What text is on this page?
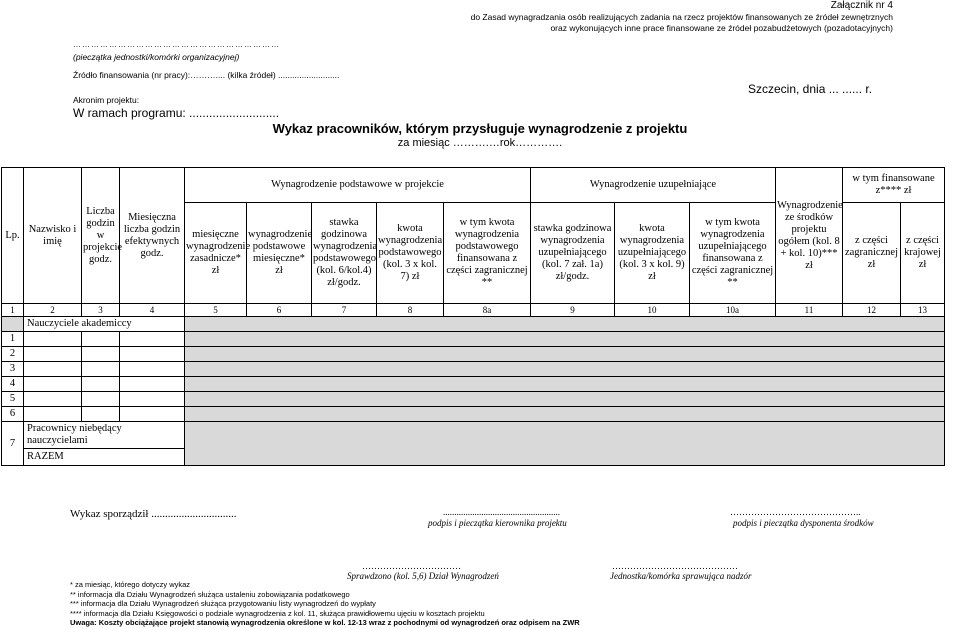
Załącznik nr 4
do Zasad wynagradzania osób realizujących zadania na rzecz projektów finansowanych ze źródeł zewnętrznych
oraz wykonujących inne prace finansowane ze źródeł pozabudżetowych (pozadotacyjnych)
……………………………………………………………
(pieczątka jednostki/komórki organizacyjnej)
Źródło finansowania (nr pracy):……….... (kilka źródeł) ..........................
Szczecin, dnia ... ...... r.
Akronim projektu:
W ramach programu: ...........................
Wykaz pracowników, którym przysługuje wynagrodzenie z projektu
za miesiąc ……….…rok………….
Lp.	Nazwisko i imię	Liczba godzin w projekcie godz.	Miesięczna liczba godzin efektywnych godz.	Wynagrodzenie podstawowe w projekcie					Wynagrodzenie uzupełniające			Wynagrodzenie ze środków projektu ogółem (kol. 8 + kol. 10)*** zł	w tym finansowane z**** zł	
				miesięczne wynagrodzenie zasadnicze* zł	wynagrodzenie podstawowe miesięczne* zł	stawka godzinowa wynagrodzenia podstawowego (kol. 6/kol.4) zł/godz.	kwota wynagrodzenia podstawowego (kol. 3 x kol. 7) zł	w tym kwota wynagrodzenia podstawowego finansowana z części zagranicznej **	stawka godzinowa wynagrodzenia uzupełniającego (kol. 7 zał. 1a) zł/godz.	kwota wynagrodzenia uzupełniającego (kol. 3 x kol. 9) zł	w tym kwota wynagrodzenia uzupełniającego finansowana z części zagranicznej **		z części zagranicznej zł	z części krajowej zł
1	2	3	4	5	6	7	8	8a	9	10	10a	11	12	13
	Nauczyciele akademiccy													
1														
2														
3														
4														
5														
6														
7	Pracownicy niebędący nauczycielami													
	RAZEM													
Wykaz sporządził ...............................	....................................................
podpis i pieczątka kierownika projektu
……………………………………..
podpis i pieczątka dysponenta środków
……………………………
Sprawdzono (kol. 5,6) Dział Wynagrodzeń
……………………………………
Jednostka/komórka sprawująca nadzór
* za miesiąc, którego dotyczy wykaz
** informacja dla Działu Wynagrodzeń służąca ustaleniu zobowiązania podatkowego
*** informacja dla Działu Wynagrodzeń służąca przygotowaniu listy wynagrodzeń do wypłaty
**** informacja dla Działu Księgowości o podziale wynagrodzenia z kol. 11, służąca prawidłowemu ujęciu w kosztach projektu
Uwaga: Koszty obciążające projekt stanowią wynagrodzenia określone w kol. 12-13 wraz z pochodnymi od wynagrodzeń oraz odpisem na ZWR
